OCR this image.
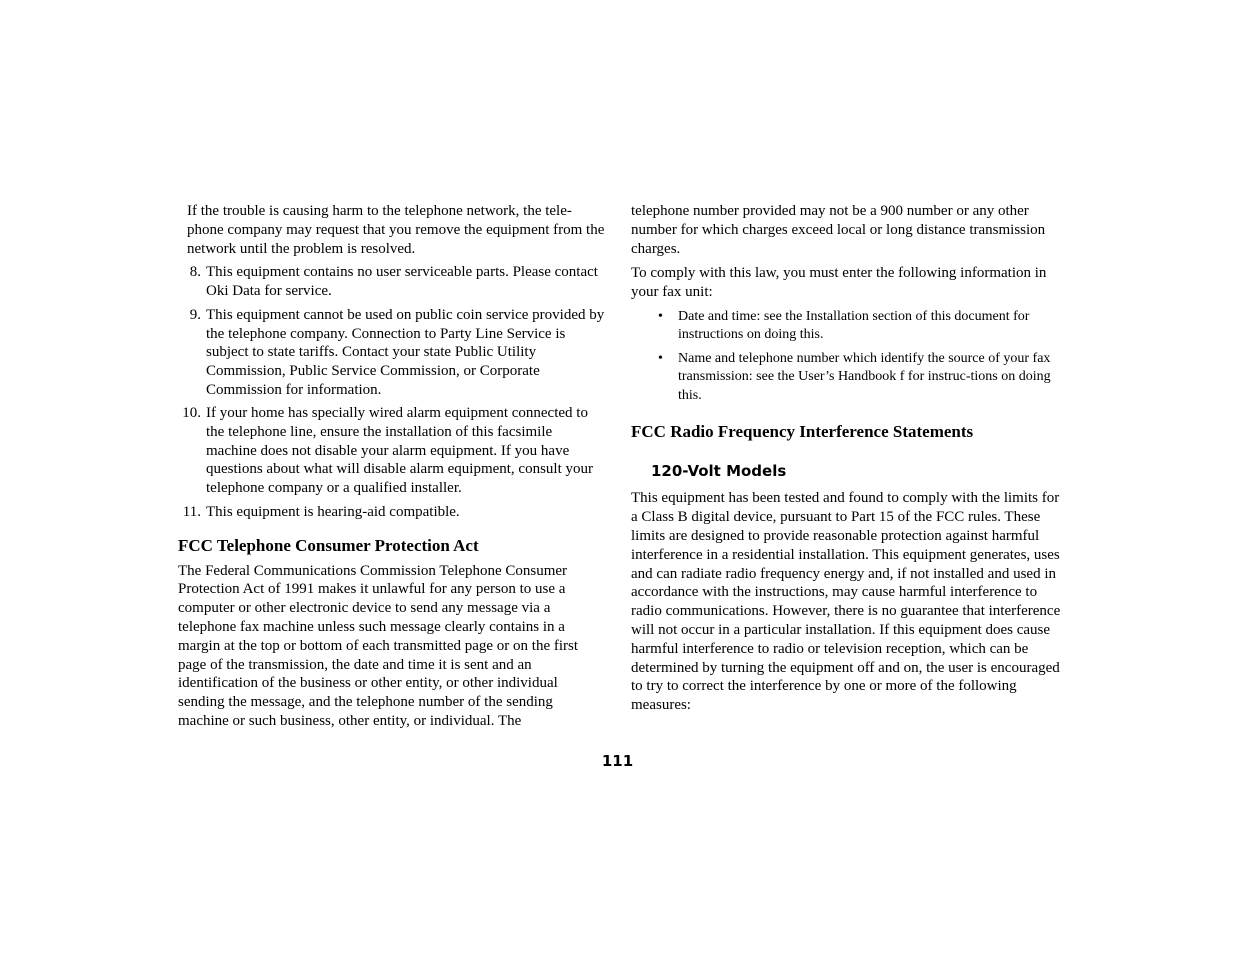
If the trouble is causing harm to the telephone network, the tele-phone company may request that you remove the equipment from the network until the problem is resolved.

8. This equipment contains no user serviceable parts. Please contact Oki Data for service.
9. This equipment cannot be used on public coin service provided by the telephone company. Connection to Party Line Service is subject to state tariffs. Contact your state Public Utility Commission, Public Service Commission, or Corporate Commission for information.
10. If your home has specially wired alarm equipment connected to the telephone line, ensure the installation of this facsimile machine does not disable your alarm equipment. If you have questions about what will disable alarm equipment, consult your telephone company or a qualified installer.
11. This equipment is hearing-aid compatible.
FCC Telephone Consumer Protection Act

The Federal Communications Commission Telephone Consumer Protection Act of 1991 makes it unlawful for any person to use a computer or other electronic device to send any message via a telephone fax machine unless such message clearly contains in a margin at the top or bottom of each transmitted page or on the first page of the transmission, the date and time it is sent and an identification of the business or other entity, or other individual sending the message, and the telephone number of the sending machine or such business, other entity, or individual. The

telephone number provided may not be a 900 number or any other number for which charges exceed local or long distance transmission charges.

To comply with this law, you must enter the following information in your fax unit:

• Date and time: see the Installation section of this document for instructions on doing this.
• Name and telephone number which identify the source of your fax transmission: see the User’s Handbook f for instruc-tions on doing this.
FCC Radio Frequency Interference Statements
120-Volt Models

This equipment has been tested and found to comply with the limits for a Class B digital device, pursuant to Part 15 of the FCC rules. These limits are designed to provide reasonable protection against harmful interference in a residential installation. This equipment generates, uses and can radiate radio frequency energy and, if not installed and used in accordance with the instructions, may cause harmful interference to radio communications. However, there is no guarantee that interference will not occur in a particular installation. If this equipment does cause harmful interference to radio or television reception, which can be determined by turning the equipment off and on, the user is encouraged to try to correct the interference by one or more of the following measures:

111
